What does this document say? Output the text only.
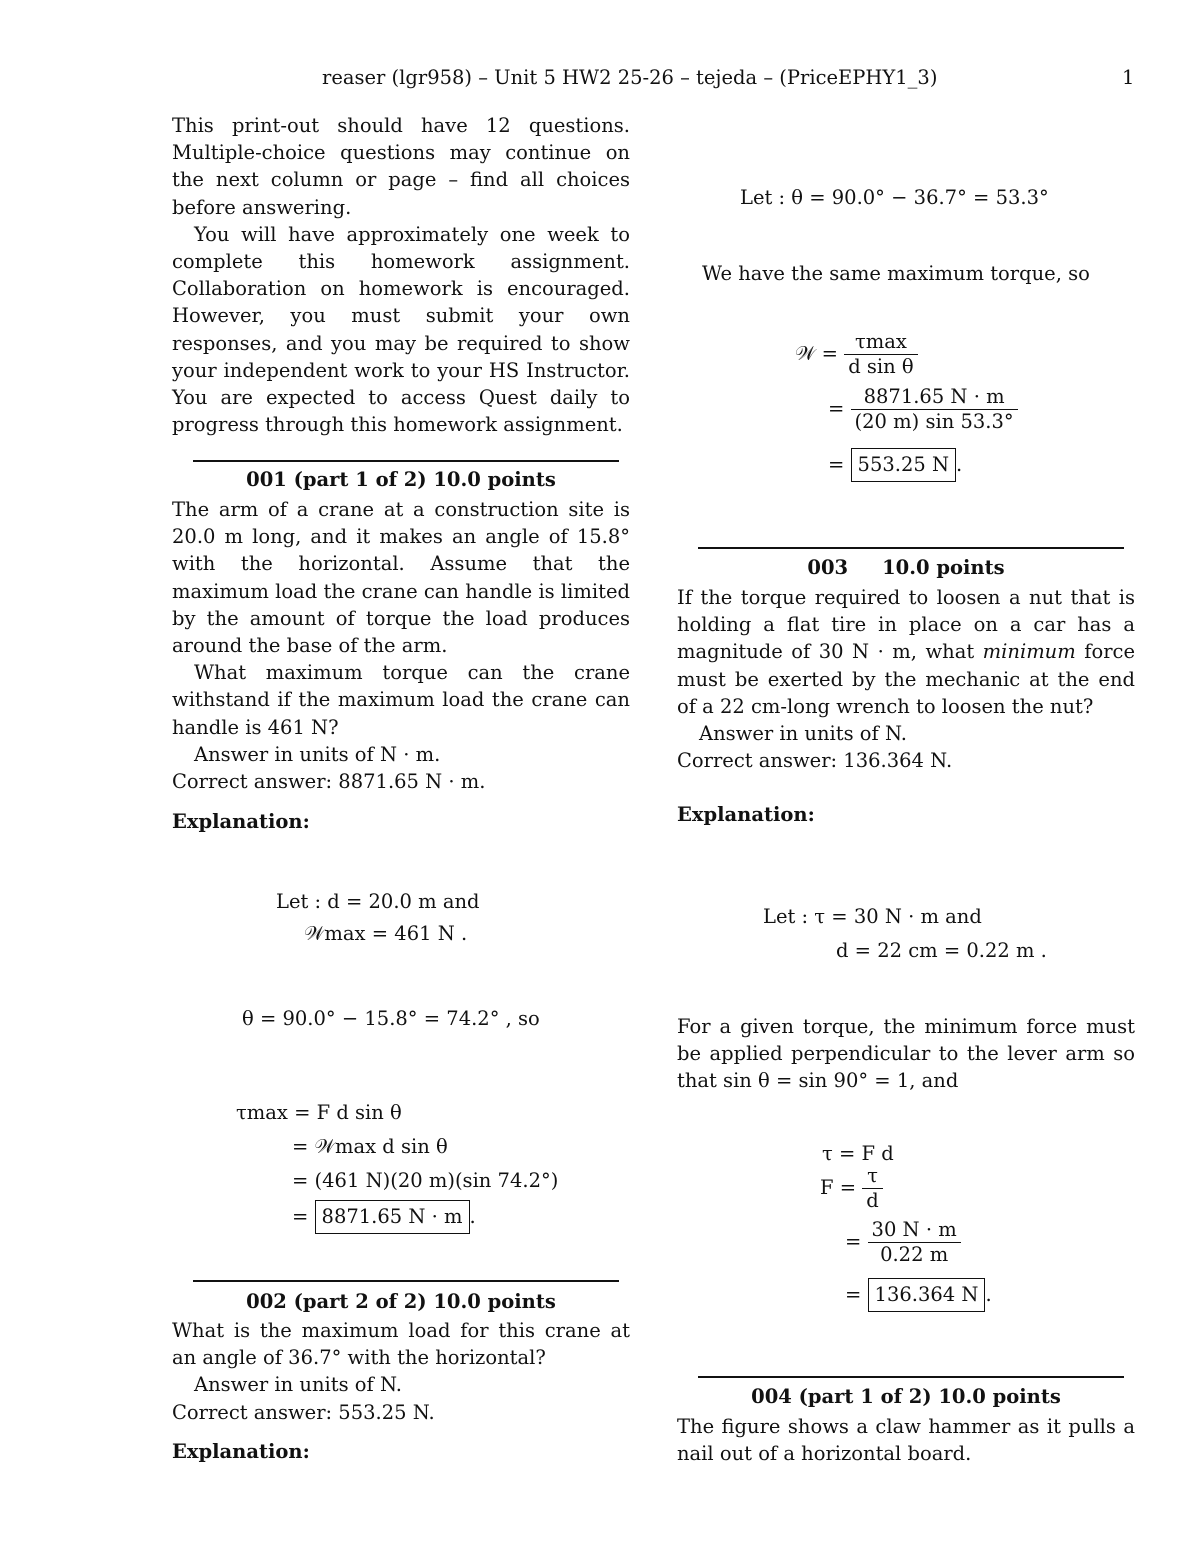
reaser (lgr958) – Unit 5 HW2 25-26 – tejeda – (PriceEPHY1_3)	1

This print-out should have 12 questions. Multiple-choice questions may continue on the next column or page – find all choices before answering.

You will have approximately one week to complete this homework assignment. Collaboration on homework is encouraged. However, you must submit your own responses, and you may be required to show your independent work to your HS Instructor. You are expected to access Quest daily to progress through this homework assignment.

001 (part 1 of 2) 10.0 points

The arm of a crane at a construction site is 20.0 m long, and it makes an angle of 15.8° with the horizontal. Assume that the maximum load the crane can handle is limited by the amount of torque the load produces around the base of the arm.

What maximum torque can the crane withstand if the maximum load the crane can handle is 461 N?

Answer in units of N · m.

Correct answer: 8871.65 N · m.

Explanation:
Let : d = 20.0 m and
𝒲max = 461 N .
θ = 90.0° − 15.8° = 74.2° , so
τmax = F d sin θ
= 𝒲max d sin θ
= (461 N)(20 m)(sin 74.2°)
= 8871.65 N · m .
002 (part 2 of 2) 10.0 points

What is the maximum load for this crane at an angle of 36.7° with the horizontal?

Answer in units of N.

Correct answer: 553.25 N.

Explanation:
Let : θ = 90.0° − 36.7° = 53.3°
We have the same maximum torque, so
𝒲 = $\frac{\tau\max}{\text{d sin θ}}$
= $\frac{8871.65 N \cdot m}{(20 m) \sin 53.3^\circ}$
= 553.25 N .
003     10.0 points

If the torque required to loosen a nut that is holding a flat tire in place on a car has a magnitude of 30 N · m, what minimum force must be exerted by the mechanic at the end of a 22 cm-long wrench to loosen the nut?

Answer in units of N.

Correct answer: 136.364 N.

Explanation:
Let : τ = 30 N · m and
d = 22 cm = 0.22 m .

For a given torque, the minimum force must be applied perpendicular to the lever arm so that sin θ = sin 90° = 1, and

τ = F d
$F = \frac{\tau}{d}$
= $\frac{30 N \cdot m}{0.22 m}$
= 136.364 N .
004 (part 1 of 2) 10.0 points

The figure shows a claw hammer as it pulls a nail out of a horizontal board.
